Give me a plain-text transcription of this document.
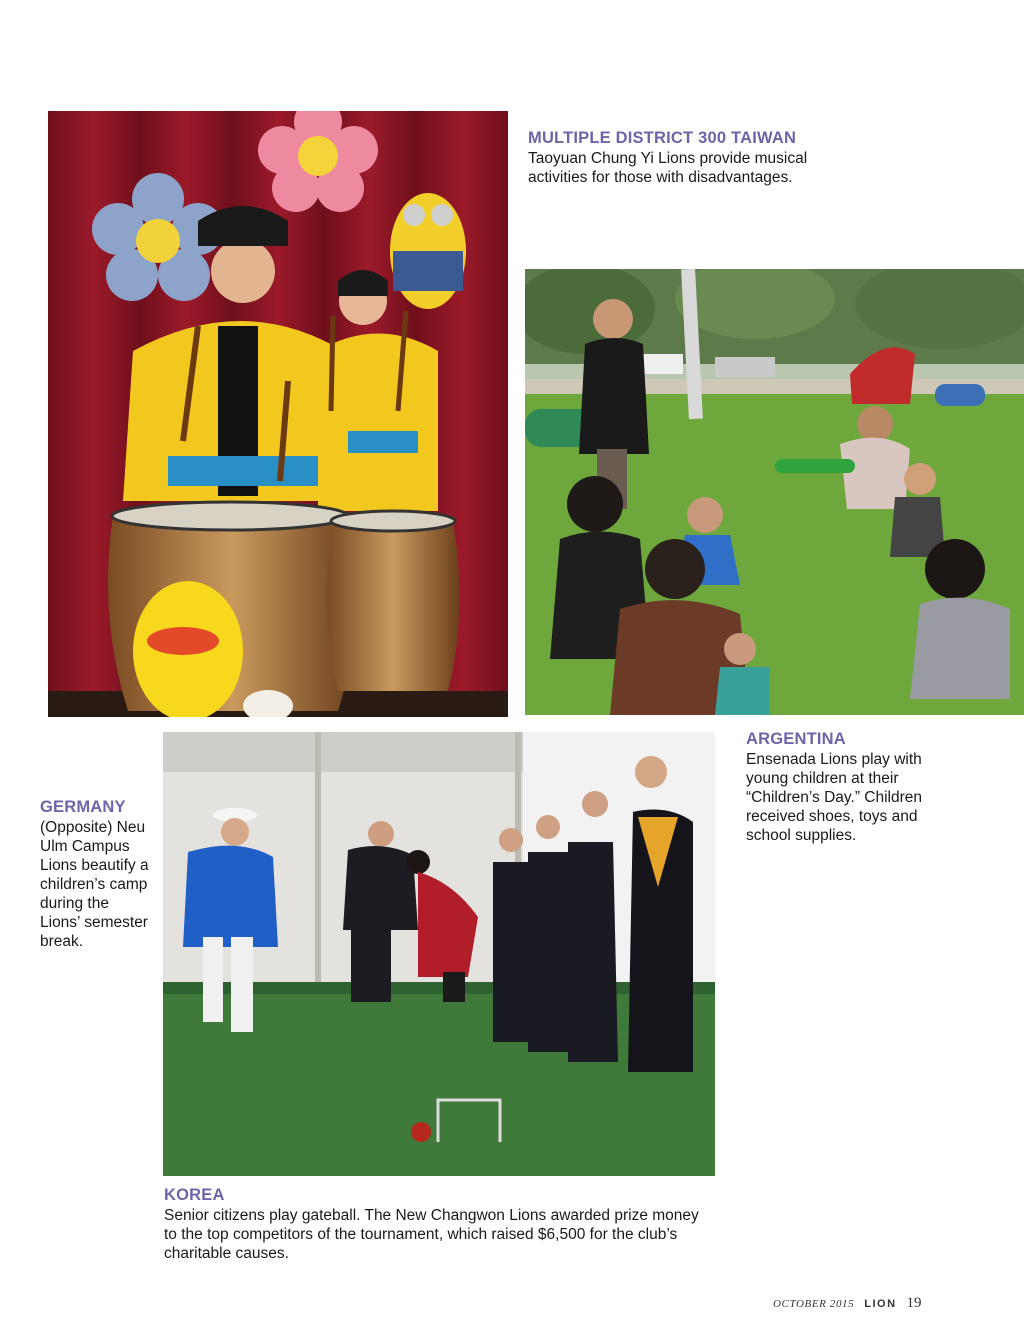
MULTIPLE DISTRICT 300 TAIWAN
Taoyuan Chung Yi Lions provide musical activities for those with disadvantages.
ARGENTINA
Ensenada Lions play with young children at their “Children’s Day.” Children received shoes, toys and school supplies.
GERMANY
(Opposite) Neu Ulm Campus Lions beautify a children’s camp during the Lions’ semester break.
KOREA
Senior citizens play gateball. The New Changwon Lions awarded prize money to the top competitors of the tournament, which raised $6,500 for the club’s charitable causes.
OCTOBER 2015 LION 19
